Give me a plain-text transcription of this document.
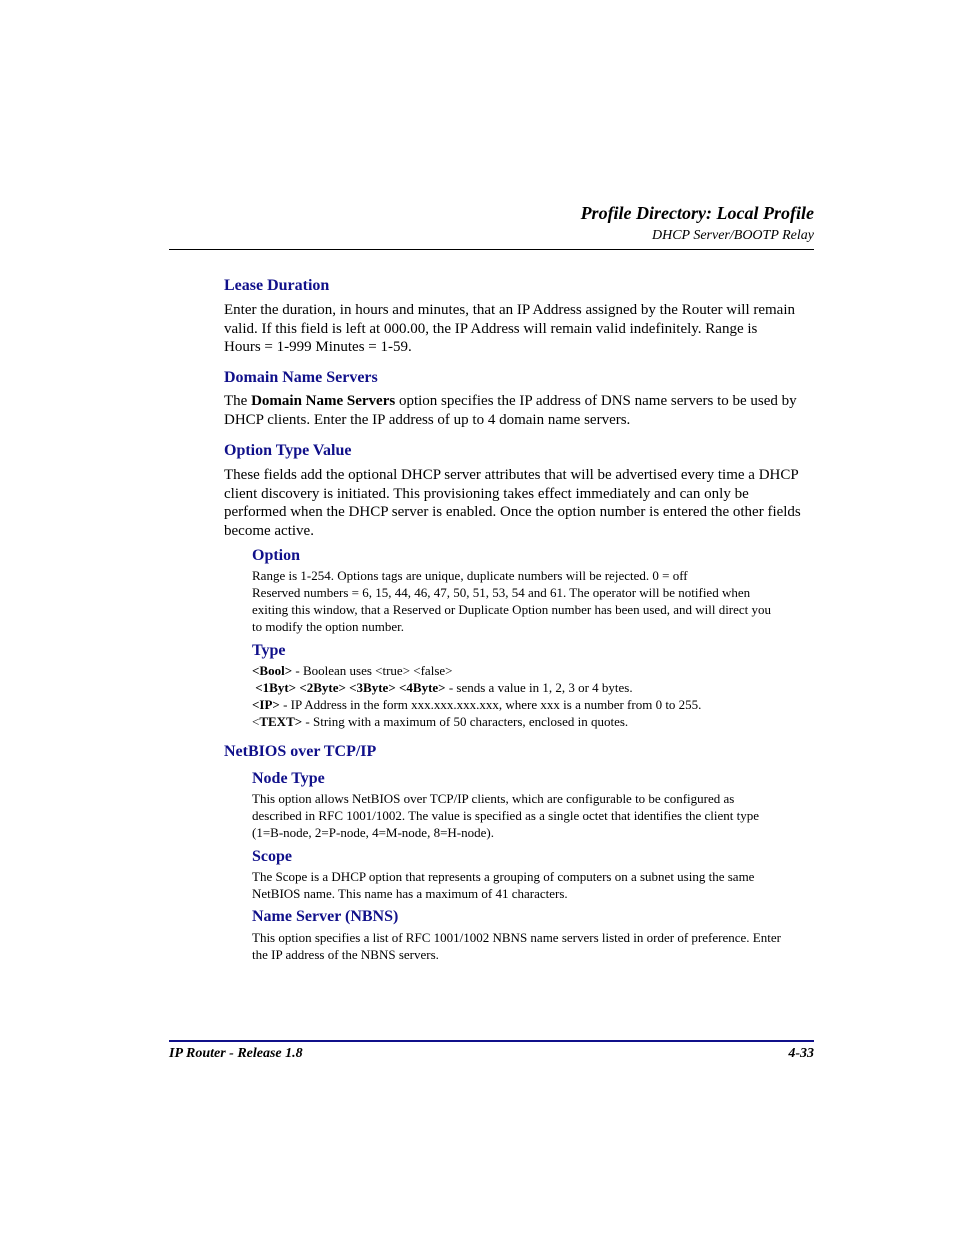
Profile Directory: Local Profile
DHCP Server/BOOTP Relay
Lease Duration
Enter the duration, in hours and minutes, that an IP Address assigned by the Router will remain
valid. If this field is left at 000.00, the IP Address will remain valid indefinitely. Range is
Hours = 1-999 Minutes = 1-59.
Domain Name Servers
The Domain Name Servers option specifies the IP address of DNS name servers to be used by
DHCP clients. Enter the IP address of up to 4 domain name servers.
Option Type Value
These fields add the optional DHCP server attributes that will be advertised every time a DHCP
client discovery is initiated. This provisioning takes effect immediately and can only be
performed when the DHCP server is enabled. Once the option number is entered the other fields
become active.
Option
Range is 1-254. Options tags are unique, duplicate numbers will be rejected. 0 = off
Reserved numbers = 6, 15, 44, 46, 47, 50, 51, 53, 54 and 61. The operator will be notified when
exiting this window, that a Reserved or Duplicate Option number has been used, and will direct you
to modify the option number.
Type
<Bool> - Boolean uses <true> <false>
<1Byt> <2Byte> <3Byte> <4Byte> - sends a value in 1, 2, 3 or 4 bytes.
<IP> - IP Address in the form xxx.xxx.xxx.xxx, where xxx is a number from 0 to 255.
<TEXT> - String with a maximum of 50 characters, enclosed in quotes.
NetBIOS over TCP/IP
Node Type
This option allows NetBIOS over TCP/IP clients, which are configurable to be configured as
described in RFC 1001/1002. The value is specified as a single octet that identifies the client type
(1=B-node, 2=P-node, 4=M-node, 8=H-node).
Scope
The Scope is a DHCP option that represents a grouping of computers on a subnet using the same
NetBIOS name. This name has a maximum of 41 characters.
Name Server (NBNS)
This option specifies a list of RFC 1001/1002 NBNS name servers listed in order of preference. Enter
the IP address of the NBNS servers.
IP Router - Release 1.8	4-33
